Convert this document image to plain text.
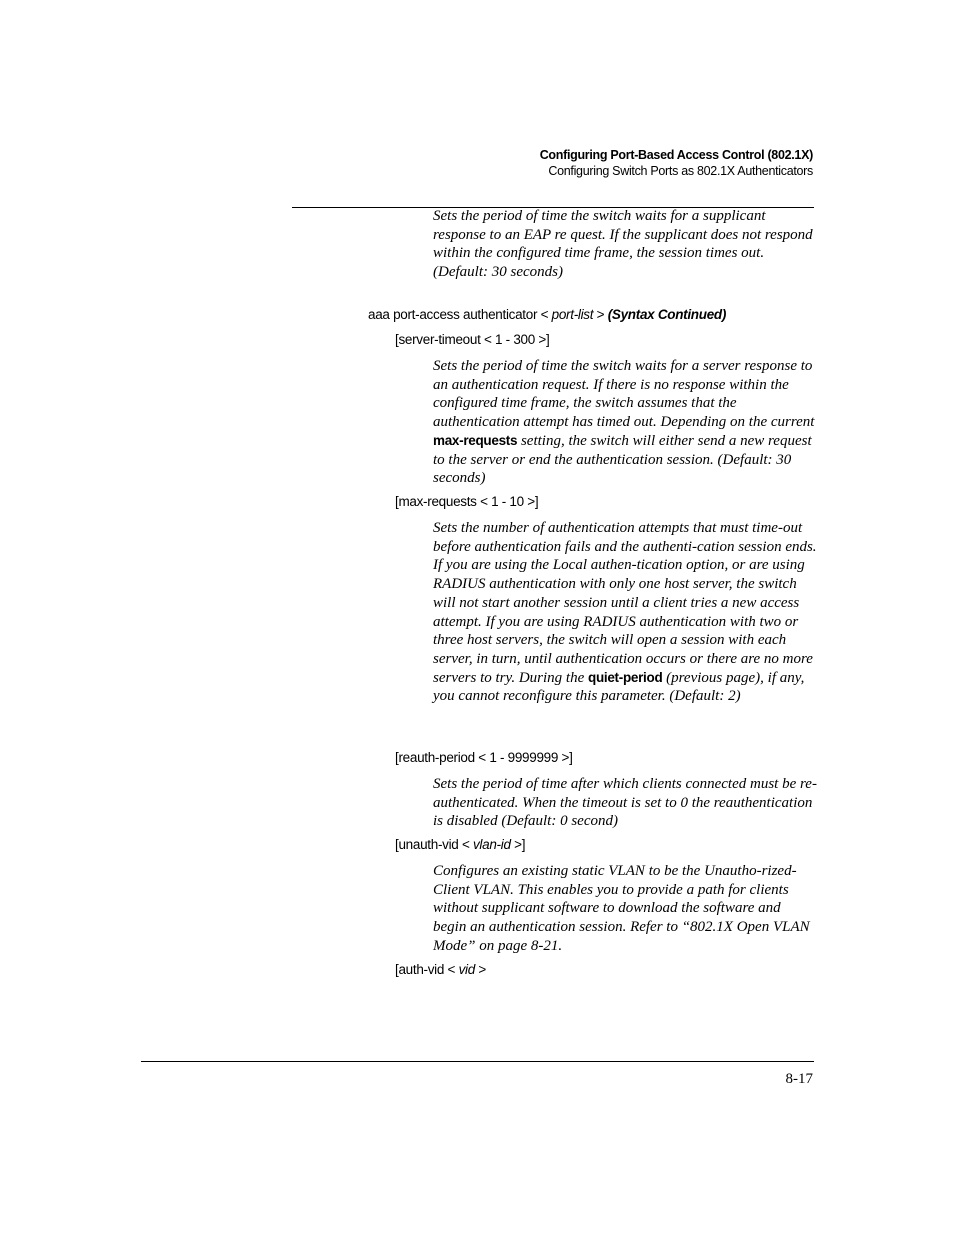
Configuring Port-Based Access Control (802.1X)
Configuring Switch Ports as 802.1X Authenticators

Sets the period of time the switch waits for a supplicant response to an EAP re quest. If the supplicant does not respond within the configured time frame, the session times out. (Default: 30 seconds)

aaa port-access authenticator < port-list > (Syntax Continued)
[server-timeout < 1 - 300 >]

Sets the period of time the switch waits for a server response to an authentication request. If there is no response within the configured time frame, the switch assumes that the authentication attempt has timed out. Depending on the current max-requests setting, the switch will either send a new request to the server or end the authentication session. (Default: 30 seconds)

[max-requests < 1 - 10 >]

Sets the number of authentication attempts that must time-out before authentication fails and the authenti-cation session ends. If you are using the Local authen-tication option, or are using RADIUS authentication with only one host server, the switch will not start another session until a client tries a new access attempt. If you are using RADIUS authentication with two or three host servers, the switch will open a session with each server, in turn, until authentication occurs or there are no more servers to try. During the quiet-period (previous page), if any, you cannot reconfigure this parameter. (Default: 2)

[reauth-period < 1 - 9999999 >]

Sets the period of time after which clients connected must be re-authenticated. When the timeout is set to 0 the reauthentication is disabled (Default: 0 second)

[unauth-vid < vlan-id >]

Configures an existing static VLAN to be the Unautho-rized-Client VLAN. This enables you to provide a path for clients without supplicant software to download the software and begin an authentication session. Refer to “802.1X Open VLAN Mode” on page 8-21.

[auth-vid < vid >
8-17
